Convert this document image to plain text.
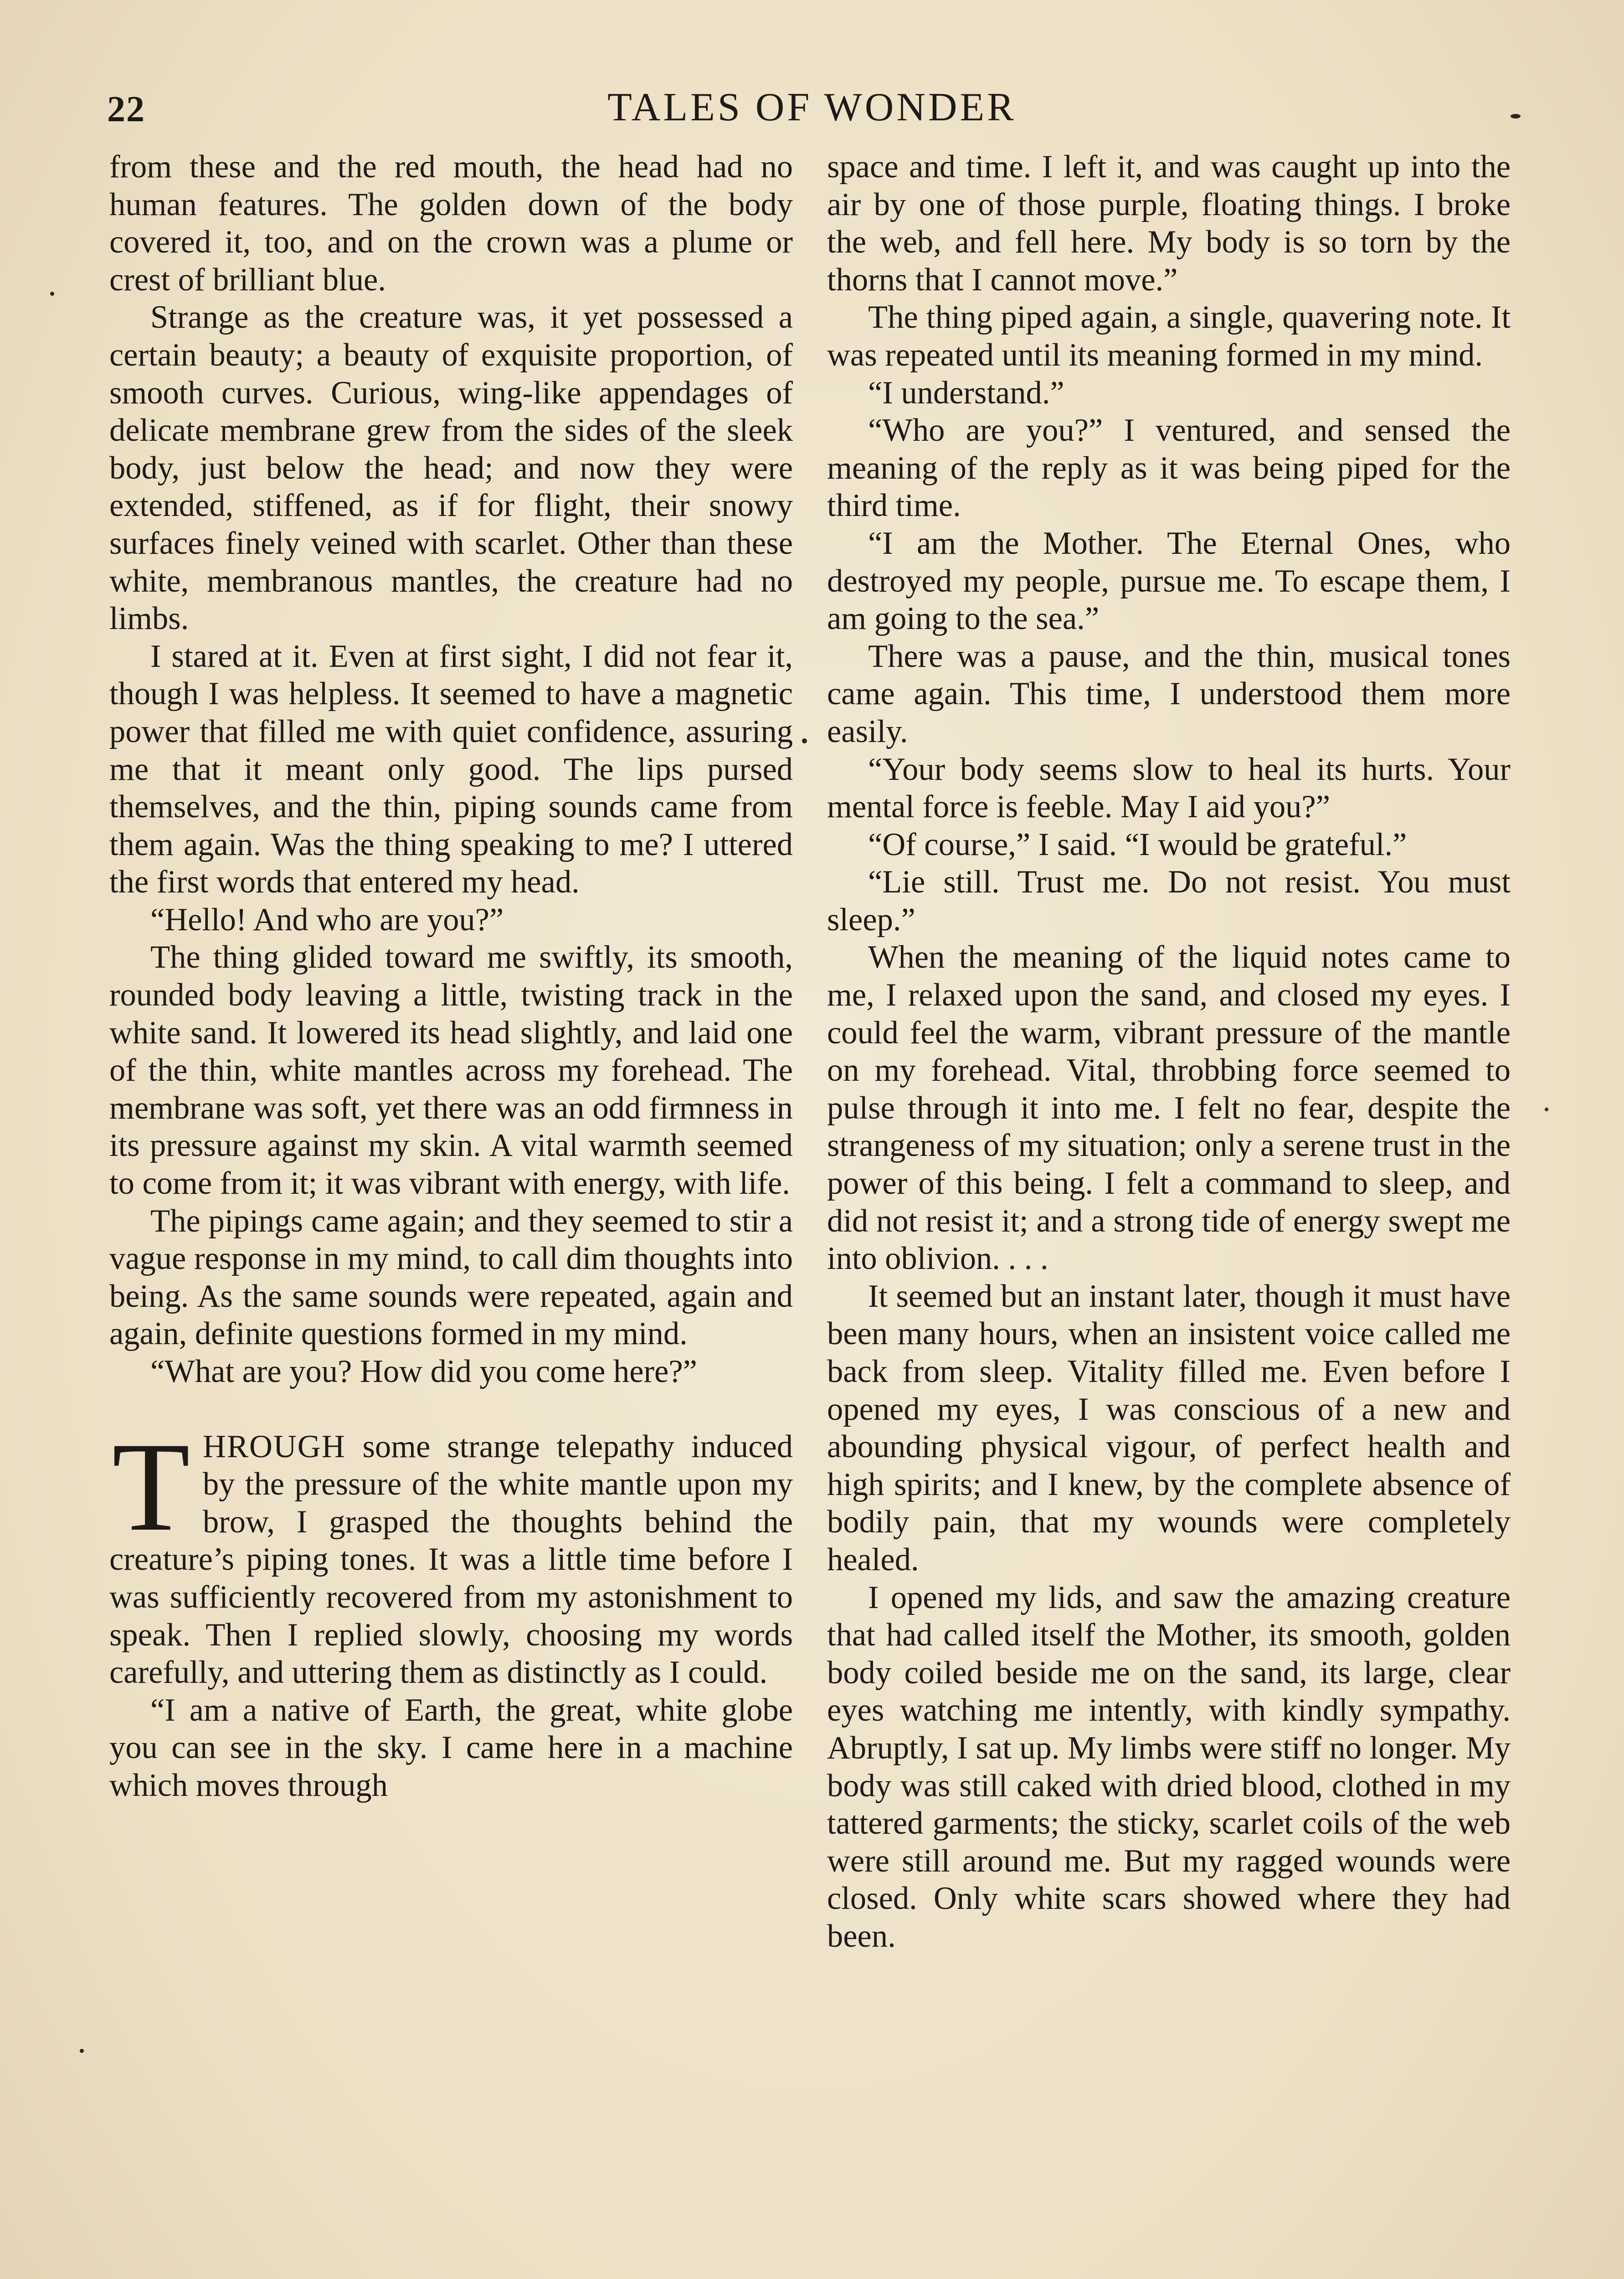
22	TALES OF WONDER

from these and the red mouth, the head had no human features. The golden down of the body covered it, too, and on the crown was a plume or crest of brilliant blue.

Strange as the creature was, it yet possessed a certain beauty; a beauty of exquisite proportion, of smooth curves. Curious, wing-like appendages of delicate membrane grew from the sides of the sleek body, just below the head; and now they were extended, stiffened, as if for flight, their snowy surfaces finely veined with scarlet. Other than these white, membranous mantles, the creature had no limbs.

I stared at it. Even at first sight, I did not fear it, though I was helpless. It seemed to have a magnetic power that filled me with quiet confidence, assuring me that it meant only good. The lips pursed themselves, and the thin, piping sounds came from them again. Was the thing speaking to me? I uttered the first words that entered my head.

“Hello! And who are you?”

The thing glided toward me swiftly, its smooth, rounded body leaving a little, twisting track in the white sand. It lowered its head slightly, and laid one of the thin, white mantles across my forehead. The membrane was soft, yet there was an odd firmness in its pressure against my skin. A vital warmth seemed to come from it; it was vibrant with energy, with life.

The pipings came again; and they seemed to stir a vague response in my mind, to call dim thoughts into being. As the same sounds were repeated, again and again, definite questions formed in my mind.

“What are you? How did you come here?”

THROUGH some strange telepathy induced by the pressure of the white mantle upon my brow, I grasped the thoughts behind the creature’s piping tones. It was a little time before I was sufficiently recovered from my astonishment to speak. Then I replied slowly, choosing my words carefully, and uttering them as distinctly as I could.

“I am a native of Earth, the great, white globe you can see in the sky. I came here in a machine which moves through

space and time. I left it, and was caught up into the air by one of those purple, floating things. I broke the web, and fell here. My body is so torn by the thorns that I cannot move.”

The thing piped again, a single, quavering note. It was repeated until its meaning formed in my mind.

“I understand.”

“Who are you?” I ventured, and sensed the meaning of the reply as it was being piped for the third time.

“I am the Mother. The Eternal Ones, who destroyed my people, pursue me. To escape them, I am going to the sea.”

There was a pause, and the thin, musical tones came again. This time, I understood them more easily.

“Your body seems slow to heal its hurts. Your mental force is feeble. May I aid you?”

“Of course,” I said. “I would be grateful.”

“Lie still. Trust me. Do not resist. You must sleep.”

When the meaning of the liquid notes came to me, I relaxed upon the sand, and closed my eyes. I could feel the warm, vibrant pressure of the mantle on my forehead. Vital, throbbing force seemed to pulse through it into me. I felt no fear, despite the strangeness of my situation; only a serene trust in the power of this being. I felt a command to sleep, and did not resist it; and a strong tide of energy swept me into oblivion. . . .

It seemed but an instant later, though it must have been many hours, when an insistent voice called me back from sleep. Vitality filled me. Even before I opened my eyes, I was conscious of a new and abounding physical vigour, of perfect health and high spirits; and I knew, by the complete absence of bodily pain, that my wounds were completely healed.

I opened my lids, and saw the amazing creature that had called itself the Mother, its smooth, golden body coiled beside me on the sand, its large, clear eyes watching me intently, with kindly sympathy. Abruptly, I sat up. My limbs were stiff no longer. My body was still caked with dried blood, clothed in my tattered garments; the sticky, scarlet coils of the web were still around me. But my ragged wounds were closed. Only white scars showed where they had been.
